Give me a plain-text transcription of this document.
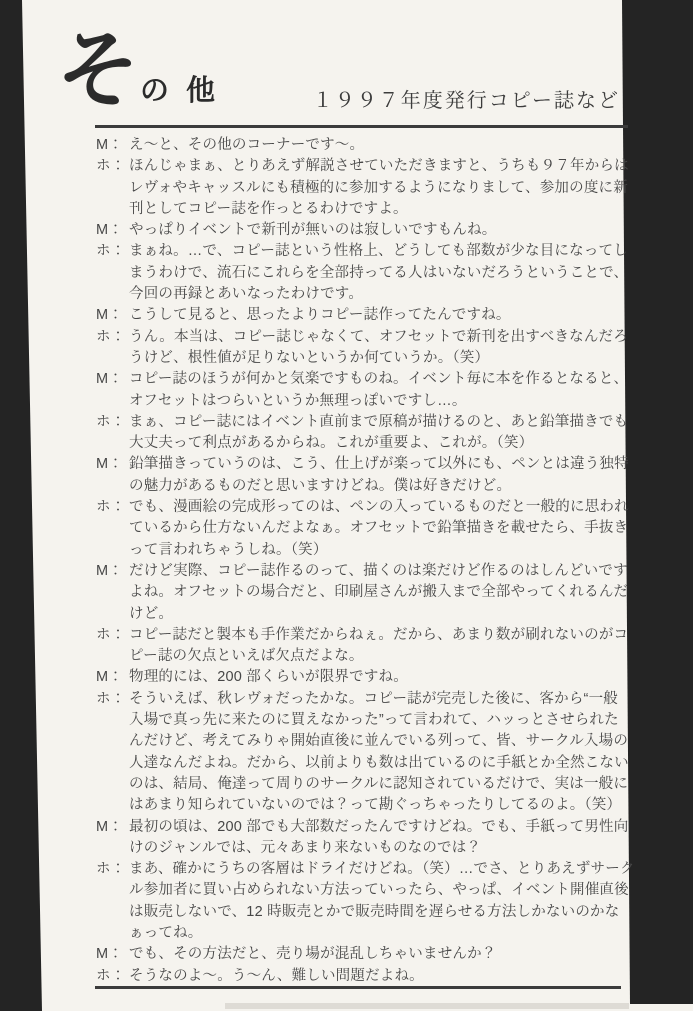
そ の他	１９９７年度発行コピー誌など
M： え〜と、その他のコーナーです〜。
ホ： ほんじゃまぁ、とりあえず解説させていただきますと、うちも９７年からは
レヴォやキャッスルにも積極的に参加するようになりまして、参加の度に新
刊としてコピー誌を作っとるわけですよ。
M： やっぱりイベントで新刊が無いのは寂しいですもんね。
ホ： まぁね。…で、コピー誌という性格上、どうしても部数が少な目になってし
まうわけで、流石にこれらを全部持ってる人はいないだろうということで、
今回の再録とあいなったわけです。
M： こうして見ると、思ったよりコピー誌作ってたんですね。
ホ： うん。本当は、コピー誌じゃなくて、オフセットで新刊を出すべきなんだろ
うけど、根性値が足りないというか何ていうか。（笑）
M： コピー誌のほうが何かと気楽ですものね。イベント毎に本を作るとなると、
オフセットはつらいというか無理っぽいですし…。
ホ： まぁ、コピー誌にはイベント直前まで原稿が描けるのと、あと鉛筆描きでも
大丈夫って利点があるからね。これが重要よ、これが。（笑）
M： 鉛筆描きっていうのは、こう、仕上げが楽って以外にも、ペンとは違う独特
の魅力があるものだと思いますけどね。僕は好きだけど。
ホ： でも、漫画絵の完成形ってのは、ペンの入っているものだと一般的に思われ
ているから仕方ないんだよなぁ。オフセットで鉛筆描きを載せたら、手抜き
って言われちゃうしね。（笑）
M： だけど実際、コピー誌作るのって、描くのは楽だけど作るのはしんどいです
よね。オフセットの場合だと、印刷屋さんが搬入まで全部やってくれるんだ
けど。
ホ： コピー誌だと製本も手作業だからねぇ。だから、あまり数が刷れないのがコ
ピー誌の欠点といえば欠点だよな。
M： 物理的には、200 部くらいが限界ですね。
ホ： そういえば、秋レヴォだったかな。コピー誌が完売した後に、客から“一般
入場で真っ先に来たのに買えなかった”って言われて、ハッっとさせられた
んだけど、考えてみりゃ開始直後に並んでいる列って、皆、サークル入場の
人達なんだよね。だから、以前よりも数は出ているのに手紙とか全然こない
のは、結局、俺達って周りのサークルに認知されているだけで、実は一般に
はあまり知られていないのでは？って勘ぐっちゃったりしてるのよ。（笑）
M： 最初の頃は、200 部でも大部数だったんですけどね。でも、手紙って男性向
けのジャンルでは、元々あまり来ないものなのでは？
ホ： まあ、確かにうちの客層はドライだけどね。（笑）…でさ、とりあえずサーク
ル参加者に買い占められない方法っていったら、やっぱ、イベント開催直後
は販売しないで、12 時販売とかで販売時間を遅らせる方法しかないのかな
ぁってね。
M： でも、その方法だと、売り場が混乱しちゃいませんか？
ホ： そうなのよ〜。う〜ん、難しい問題だよね。
